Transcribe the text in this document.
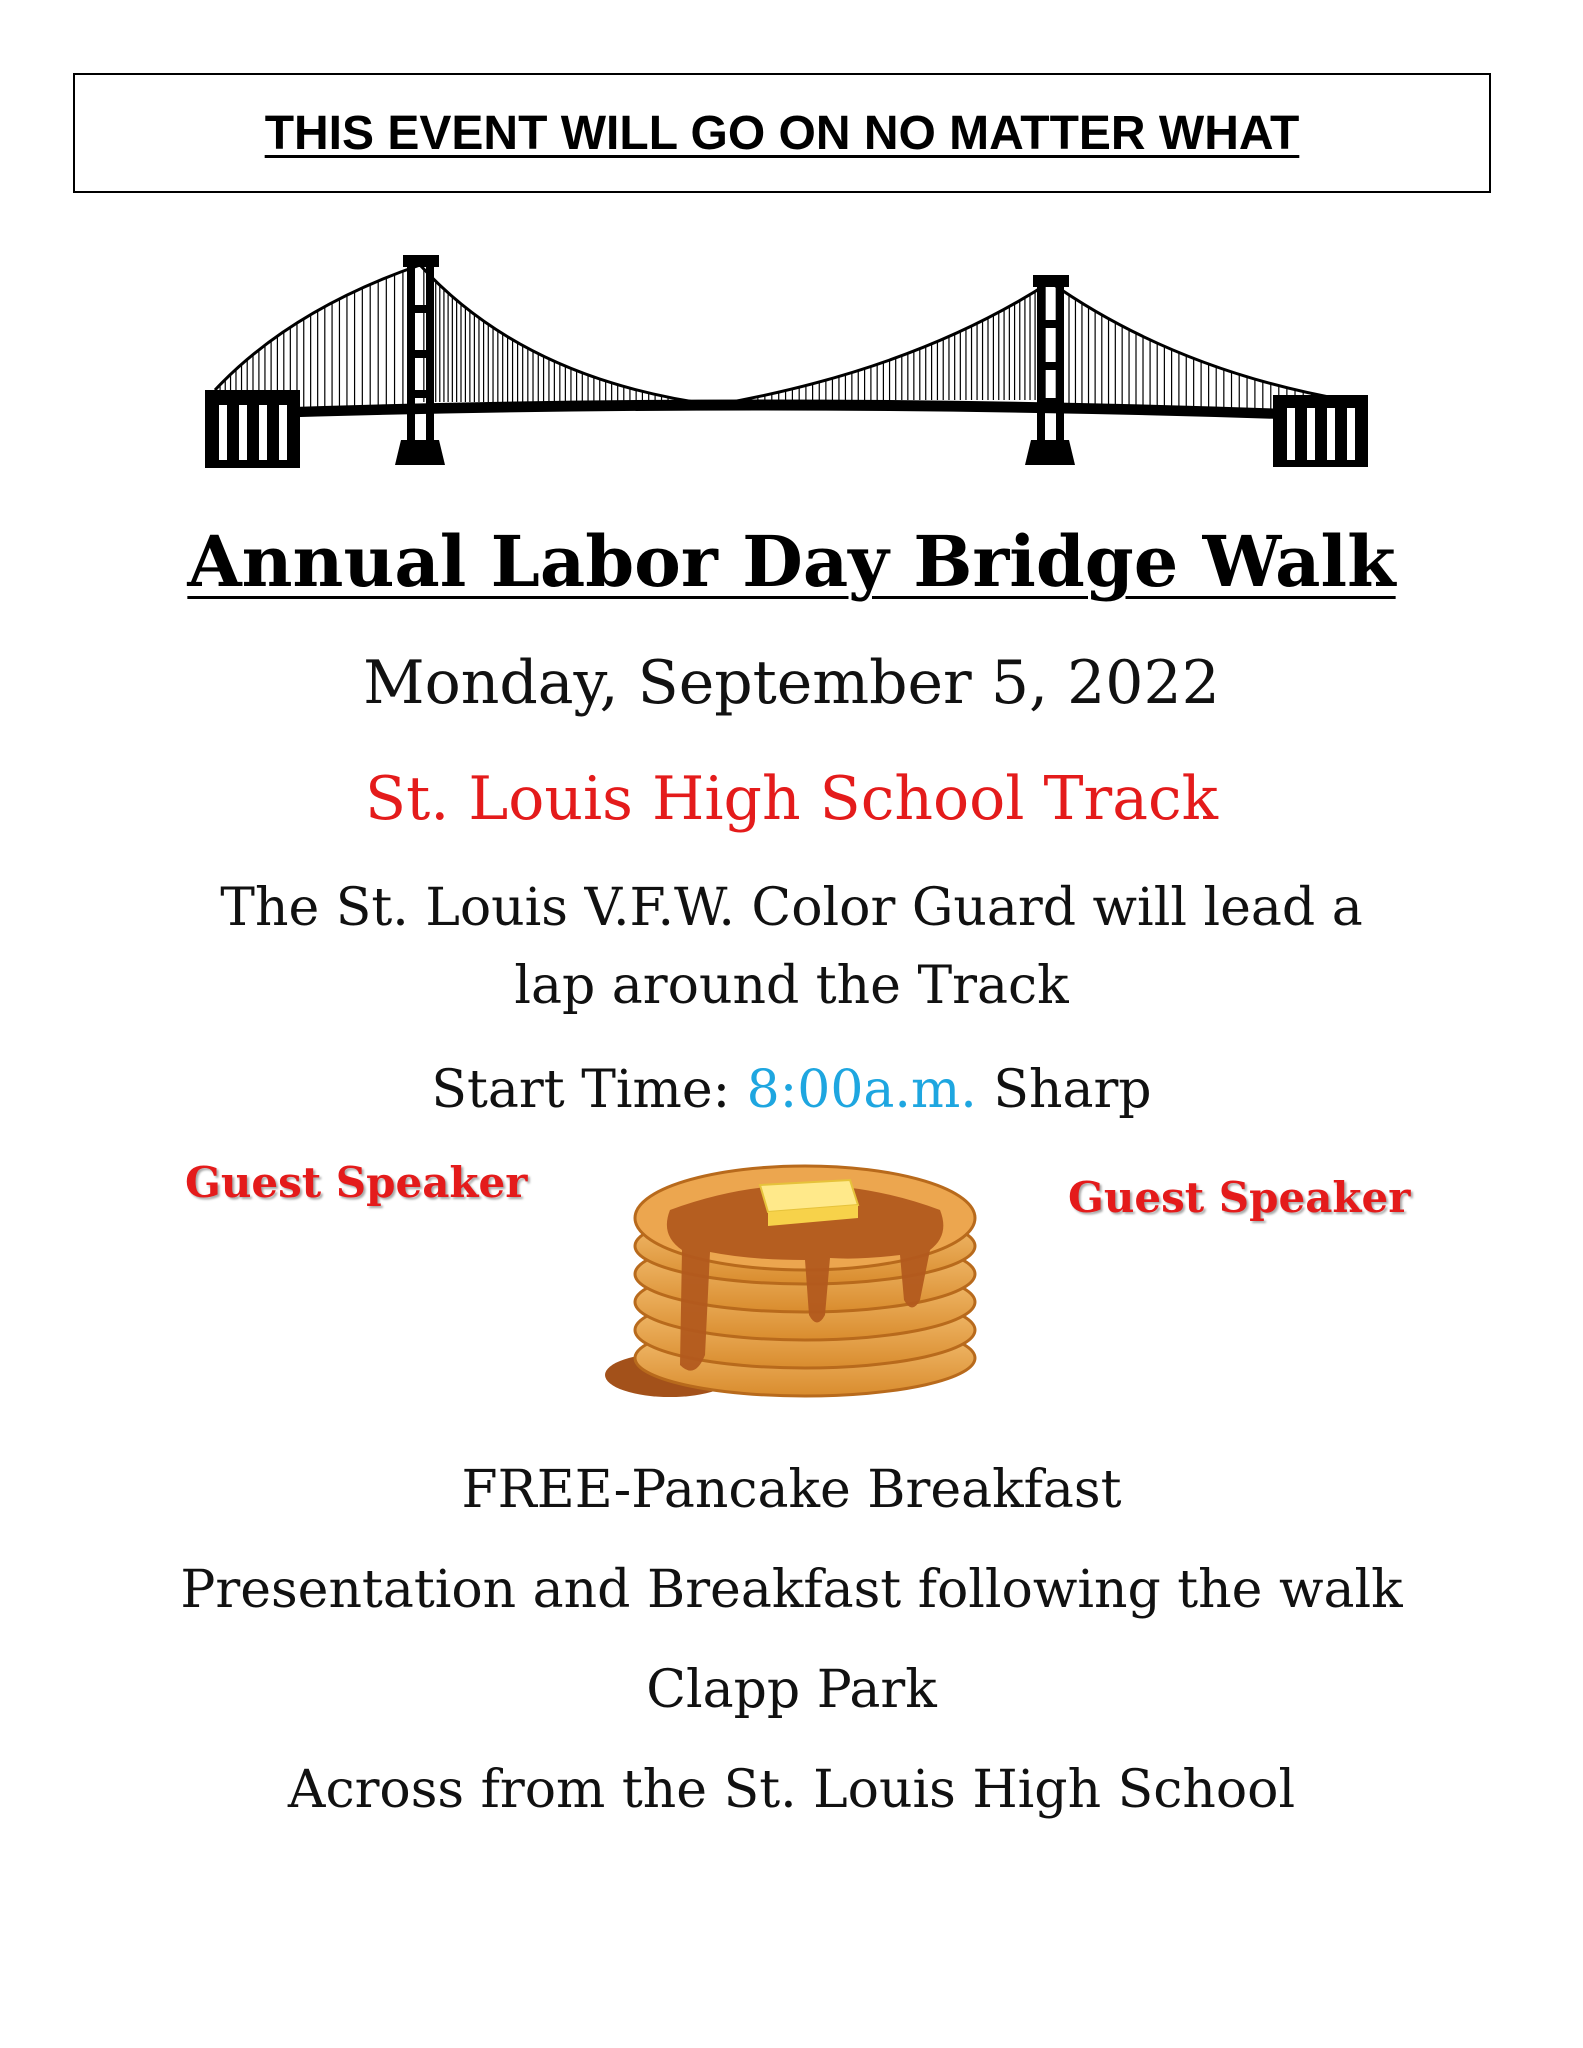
THIS EVENT WILL GO ON NO MATTER WHAT
Annual Labor Day Bridge Walk
Monday, September 5, 2022
St. Louis High School Track
The St. Louis V.F.W. Color Guard will lead a
lap around the Track
Start Time: 8:00a.m. Sharp
Guest Speaker	Guest Speaker
FREE-Pancake Breakfast
Presentation and Breakfast following the walk
Clapp Park
Across from the St. Louis High School
